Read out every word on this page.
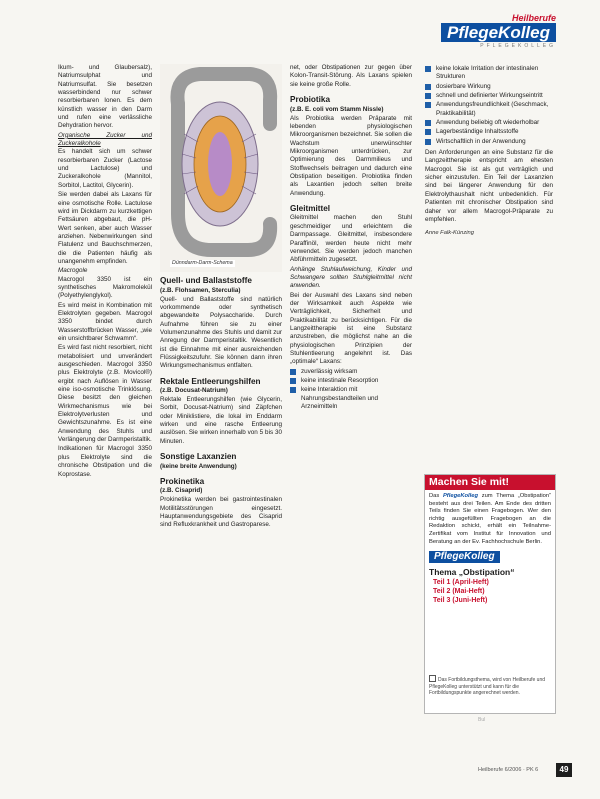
Heilberufe
PflegeKolleg
PFLEGEKOLLEG

Ikum- und Glaubersalz), Natriumsulphat und Natriumsulfat. Sie besetzen wasserbindend nur schwer resorbierbaren Ionen. Es dem künstlich wasser in den Darm und rufen eine verlässliche Dehydration hervor.

Organische Zucker und Zuckeralkohole

Es handelt sich um schwer resorbierbaren Zucker (Lactose und Lactulose) und Zuckeralkohole (Mannitol, Sorbitol, Lactitol, Glycerin).

Sie werden dabei als Laxans für eine osmotische Rolle. Lactulose wird im Dickdarm zu kurzkettigen Fettsäuren abgebaut, die pH-Wert senken, aber auch Wasser anziehen. Nebenwirkungen sind Flatulenz und Bauchschmerzen, die die Patienten häufig als unangenehm empfinden.

Macrogole

Macrogol 3350 ist ein synthetisches Makromolekül (Polyethylenglykol).

Es wird meist in Kombination mit Elektrolyten gegeben. Macrogol 3350 bindet durch Wasserstoffbrücken Wasser, „wie ein unsichtbarer Schwamm“.

Es wird fast nicht resorbiert, nicht metabolisiert und unverändert ausgeschieden. Macrogol 3350 plus Elektrolyte (z.B. Movicol®) ergibt nach Auflösen in Wasser eine iso-osmotische Trinklösung. Diese besitzt den gleichen Wirkmechanismus wie bei Elektrolytverlusten und Gewichtszunahme. Es ist eine Anwendung des Stuhls und Verlängerung der Darmperistaltik.

Indikationen für Macrogol 3350 plus Elektrolyte sind die chronische Obstipation und die Koprostase.

Dünndarm-Darm-Schema
Quell- und Ballaststoffe
(z.B. Flohsamen, Sterculia)

Quell- und Ballaststoffe sind natürlich vorkommende oder synthetisch abgewandelte Polysaccharide. Durch Aufnahme führen sie zu einer Volumenzunahme des Stuhls und damit zur Anregung der Darmperistaltik. Wesentlich ist die Einnahme mit einer ausreichenden Flüssigkeitszufuhr. Sie können dann ihren Wirkungsmechanismus entfalten.

Rektale Entleerungshilfen
(z.B. Docusat-Natrium)

Rektale Entleerungshilfen (wie Glycerin, Sorbit, Docusat-Natrium) sind Zäpfchen oder Miniklistiere, die lokal im Enddarm wirken und eine rasche Entleerung auslösen. Sie wirken innerhalb von 5 bis 30 Minuten.

Sonstige Laxanzien
(keine breite Anwendung)
Prokinetika
(z.B. Cisaprid)

Prokinetika werden bei gastrointestinalen Motilitätsstörungen eingesetzt. Hauptanwendungsgebiete des Cisaprid sind Refluxkrankheit und Gastroparese.

net, oder Obstipationen zur gegen über Kolon-Transit-Störung. Als Laxans spielen sie keine große Rolle.

Probiotika
(z.B. E. coli vom Stamm Nissle)

Als Probiotika werden Präparate mit lebenden physiologischen Mikroorganismen bezeichnet. Sie sollen die Wachstum unerwünschter Mikroorganismen unterdrücken, zur Optimierung des Darmmilieus und Stoffwechsels beitragen und dadurch eine Obstipation beseitigen. Probiotika finden als Laxantien jedoch selten breite Anwendung.

Gleitmittel

Gleitmittel machen den Stuhl geschmeidiger und erleichtern die Darmpassage. Gleitmittel, insbesondere Paraffinöl, werden heute nicht mehr verwendet. Sie werden jedoch manchen Abführmitteln zugesetzt.

Anhänge Stuhlaufweichung, Kinder und Schwangere sollten Stuhlgleitmittel nicht anwenden.

Bei der Auswahl des Laxans sind neben der Wirksamkeit auch Aspekte wie Verträglichkeit, Sicherheit und Praktikabilität zu berücksichtigen. Für die Langzeittherapie ist eine Substanz anzustreben, die möglichst nahe an die physiologischen Prinzipien der Stuhlentleerung angelehnt ist. Das „optimale“ Laxans:

zuverlässig wirksam
keine intestinale Resorption
keine Interaktion mit Nahrungsbestandteilen und Arzneimitteln
keine lokale Irritation der intestinalen Strukturen
dosierbare Wirkung
schnell und definierter Wirkungseintritt
Anwendungsfreundlichkeit (Geschmack, Praktikabilität)
Anwendung beliebig oft wiederholbar
Lagerbeständige Inhaltsstoffe
Wirtschaftlich in der Anwendung

Den Anforderungen an eine Substanz für die Langzeittherapie entspricht am ehesten Macrogol. Sie ist als gut verträglich und sicher einzustufen. Ein Teil der Laxanzien sind bei längerer Anwendung für den Elektrolythaushalt nicht unbedenklich. Für Patienten mit chronischer Obstipation sind daher vor allem Macrogol-Präparate zu empfehlen.

Anne Falk-Künzing

Machen Sie mit!
Das PflegeKolleg zum Thema „Obstipation“ besteht aus drei Teilen. Am Ende des dritten Teils finden Sie einen Fragebogen. Wer den richtig ausgefüllten Fragebogen an die Redaktion schickt, erhält ein Teilnahme-Zertifikat vom Institut für Innovation und Beratung an der Ev. Fachhochschule Berlin.
PflegeKolleg
Thema „Obstipation“
Teil 1 (April-Heft)
Teil 2 (Mai-Heft)
Teil 3 (Juni-Heft)
Das Fortbildungsthema, wird von Heilberufe und PflegeKolleg unterstützt und kann für die Fortbildungspunkte angerechnet werden.
Bul
Heilberufe 6/2006 · PK 6	49
